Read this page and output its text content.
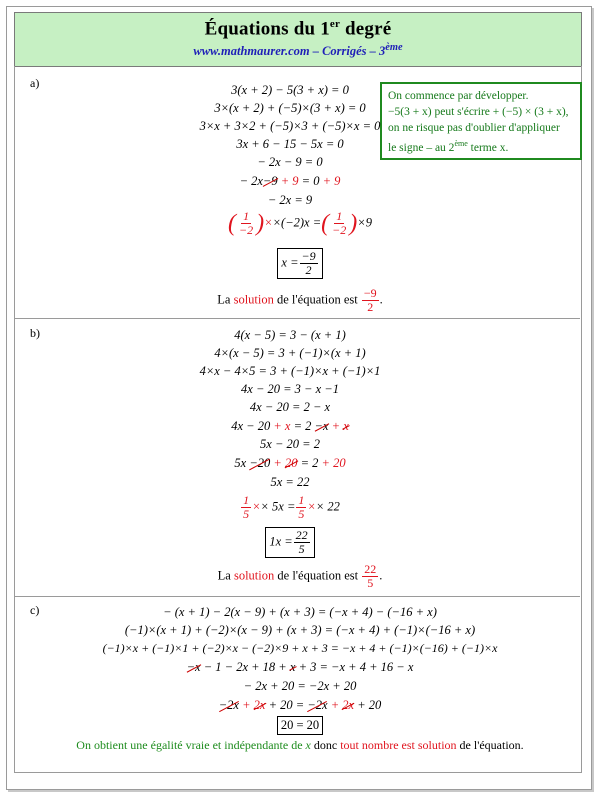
Équations du 1er degré
www.mathmaurer.com – Corrigés – 3ème
a)
On commence par développer.
−5(3 + x) peut s'écrire + (−5) × (3 + x),
on ne risque pas d'oublier d'appliquer
le signe – au 2ème terme x.
3(x + 2) − 5(3 + x) = 0
3×(x + 2) + (−5)×(3 + x) = 0
3×x + 3×2 + (−5)×3 + (−5)×x = 0
3x + 6 − 15 − 5x = 0
− 2x − 9 = 0
− 2x−9 + 9 = 0 + 9
− 2x = 9
( $\frac{1}{-2} )\times\times(-2)x$ =( $\frac{1}{-2} )\times 9$
$x = \frac{-9}{2}$
La solution de l'équation est $\frac{-9}{2}$ .
b)	4(x − 5) = 3 − (x + 1)
4×(x − 5) = 3 + (−1)×(x + 1)
4×x − 4×5 = 3 + (−1)×x + (−1)×1
4x − 20 = 3 − x −1
4x − 20 = 2 − x
4x − 20 + x = 2 −x + x
5x − 20 = 2
5x −20 + 20 = 2 + 20
5x = 22
$\frac{1}{5} \times\times 5x = \frac{1}{5} \times\times 22$
$1x = \frac{22}{5}$
La solution de l'équation est $\frac{22}{5}$ .
c)	− (x + 1) − 2(x − 9) + (x + 3) = (−x + 4) − (−16 + x)
(−1)×(x + 1) + (−2)×(x − 9) + (x + 3) = (−x + 4) + (−1)×(−16 + x)
(−1)×x + (−1)×1 + (−2)×x − (−2)×9 + x + 3 = −x + 4 + (−1)×(−16) + (−1)×x
−x − 1 − 2x + 18 + x + 3 = −x + 4 + 16 − x
− 2x + 20 = −2x + 20
−2x + 2x + 20 = −2x + 2x + 20
20 = 20
On obtient une égalité vraie et indépendante de x donc tout nombre est solution de l'équation.
